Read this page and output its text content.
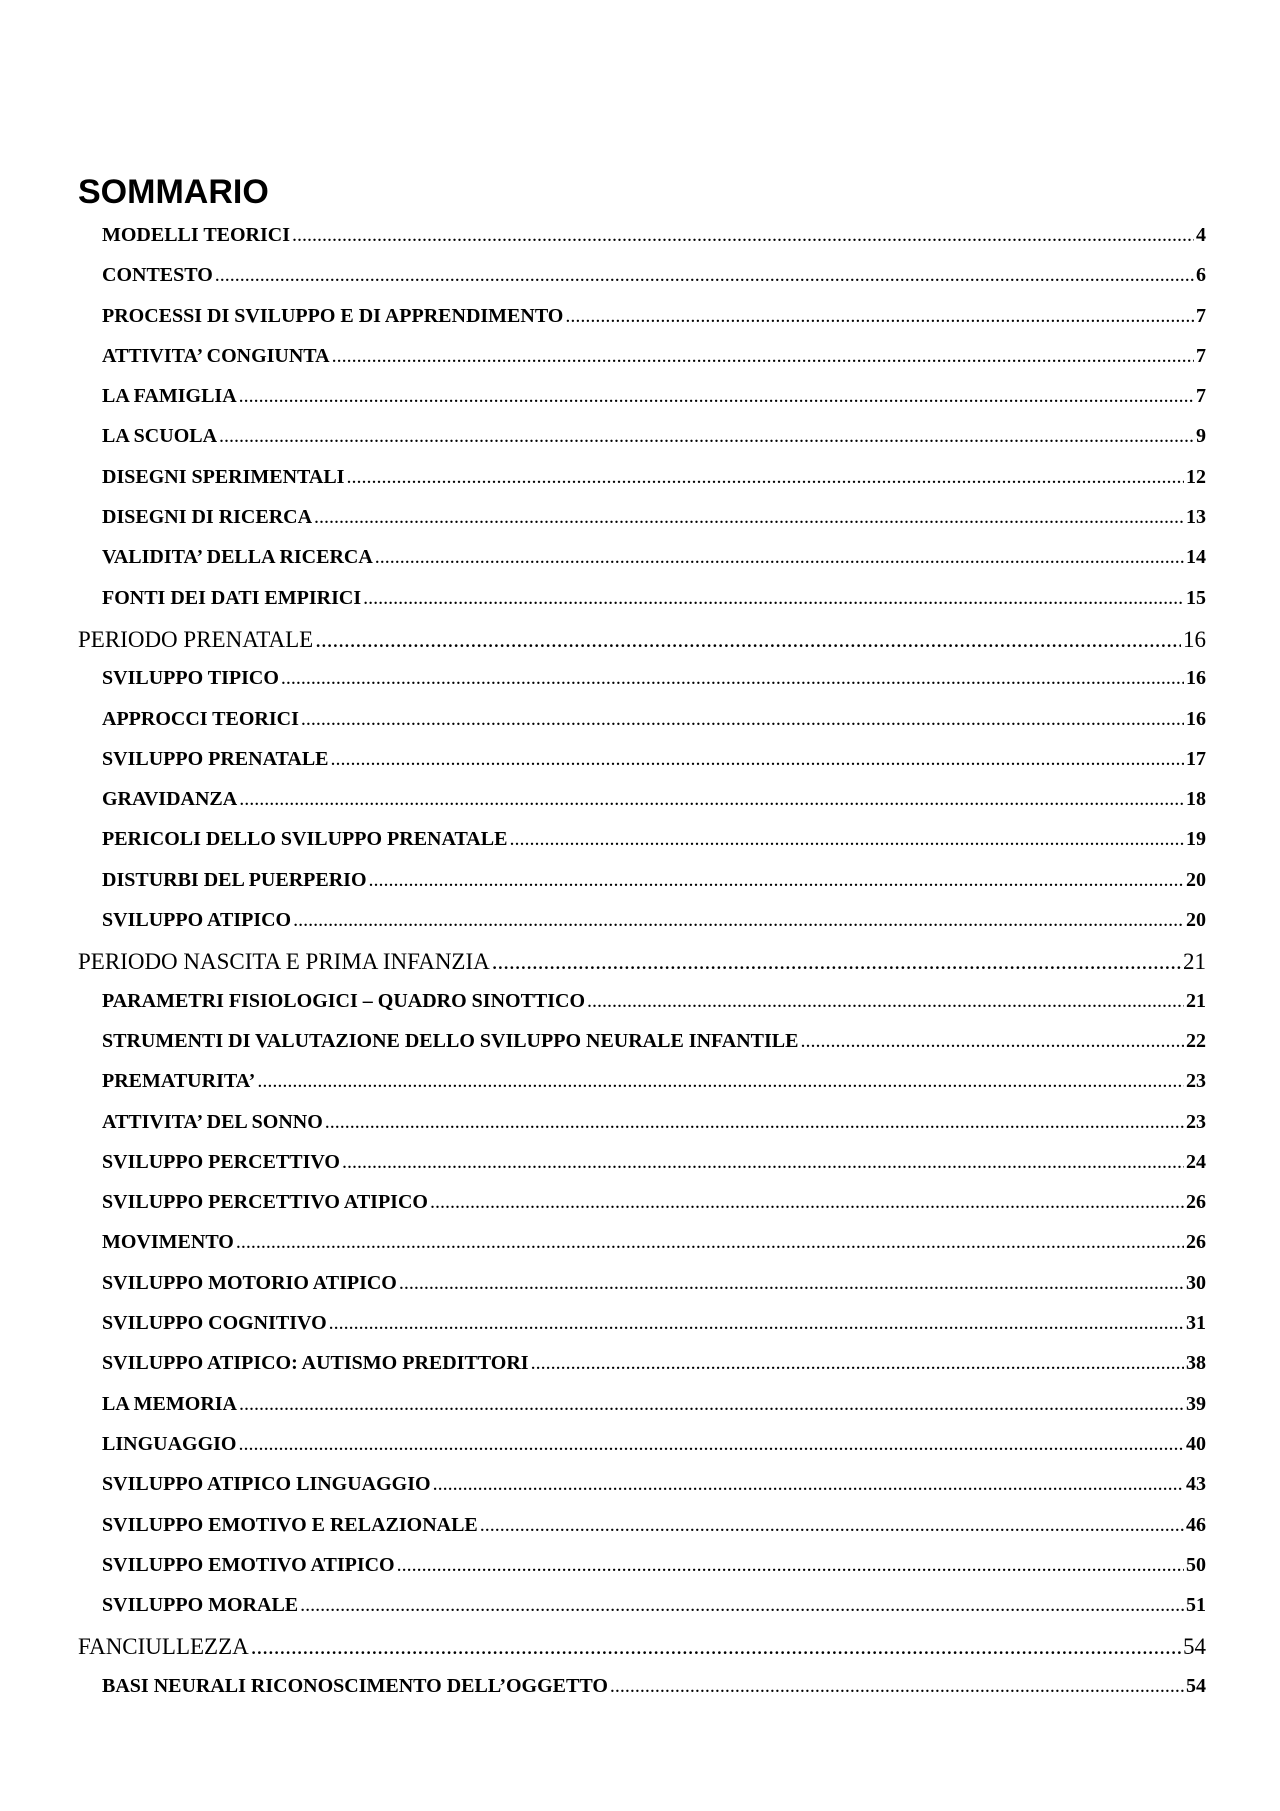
SOMMARIO
MODELLI TEORICI .....	4
CONTESTO .....	6
PROCESSI DI SVILUPPO E DI APPRENDIMENTO .....	7
ATTIVITA’ CONGIUNTA .....	7
LA FAMIGLIA .....	7
LA SCUOLA .....	9
DISEGNI SPERIMENTALI .....	12
DISEGNI DI RICERCA .....	13
VALIDITA’ DELLA RICERCA .....	14
FONTI DEI DATI EMPIRICI .....	15
PERIODO PRENATALE .....	16
SVILUPPO TIPICO .....	16
APPROCCI TEORICI .....	16
SVILUPPO PRENATALE .....	17
GRAVIDANZA .....	18
PERICOLI DELLO SVILUPPO PRENATALE .....	19
DISTURBI DEL PUERPERIO .....	20
SVILUPPO ATIPICO .....	20
PERIODO NASCITA E PRIMA INFANZIA .....	21
PARAMETRI FISIOLOGICI – QUADRO SINOTTICO .....	21
STRUMENTI DI VALUTAZIONE DELLO SVILUPPO NEURALE INFANTILE .....	22
PREMATURITA’ .....	23
ATTIVITA’ DEL SONNO .....	23
SVILUPPO PERCETTIVO .....	24
SVILUPPO PERCETTIVO ATIPICO .....	26
MOVIMENTO .....	26
SVILUPPO MOTORIO ATIPICO .....	30
SVILUPPO COGNITIVO .....	31
SVILUPPO ATIPICO: AUTISMO PREDITTORI .....	38
LA MEMORIA .....	39
LINGUAGGIO .....	40
SVILUPPO ATIPICO LINGUAGGIO .....	43
SVILUPPO EMOTIVO E RELAZIONALE .....	46
SVILUPPO EMOTIVO ATIPICO .....	50
SVILUPPO MORALE .....	51
FANCIULLEZZA .....	54
BASI NEURALI RICONOSCIMENTO DELL’OGGETTO .....	54
